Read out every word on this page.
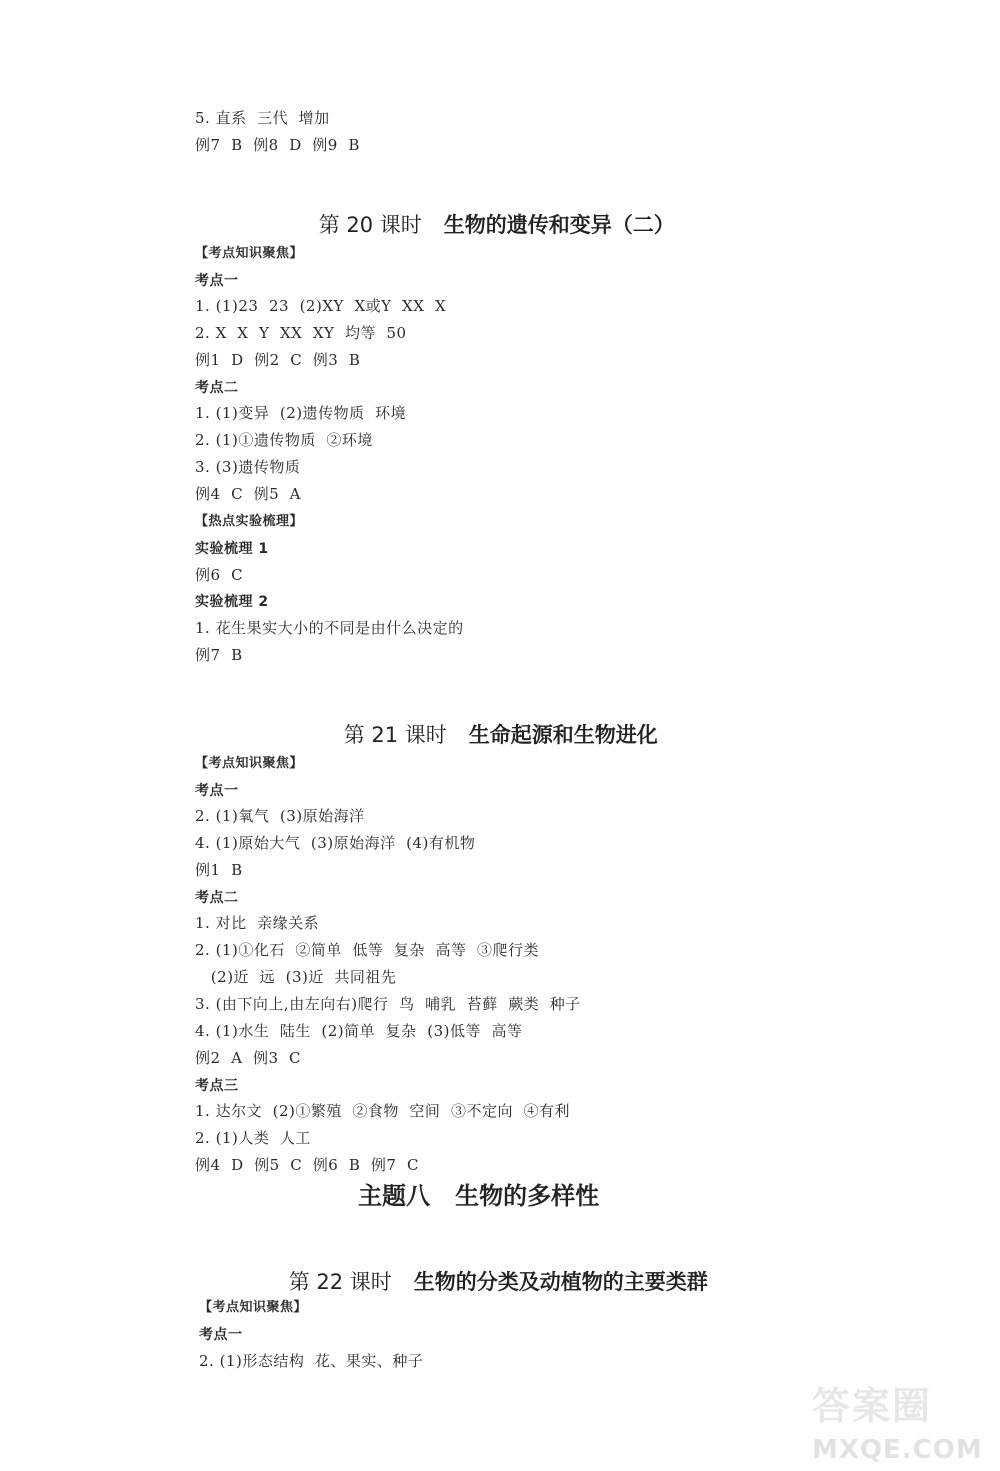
5. 直系  三代  增加
例7  B  例8  D  例9  B

第 20 课时 生物的遗传和变异（二）

【考点知识聚焦】
考点一
1. (1)23  23  (2)XY  X或Y  XX  X
2. X  X  Y  XX  XY  均等  50
例1  D  例2  C  例3  B
考点二
1. (1)变异  (2)遗传物质  环境
2. (1)①遗传物质  ②环境
3. (3)遗传物质
例4  C  例5  A
【热点实验梳理】
实验梳理 1
例6  C
实验梳理 2
1. 花生果实大小的不同是由什么决定的
例7  B

第 21 课时 生命起源和生物进化

【考点知识聚焦】
考点一
2. (1)氧气  (3)原始海洋
4. (1)原始大气  (3)原始海洋  (4)有机物
例1  B
考点二
1. 对比  亲缘关系
2. (1)①化石  ②简单  低等  复杂  高等  ③爬行类
(2)近  远  (3)近  共同祖先
3. (由下向上,由左向右)爬行  鸟  哺乳  苔藓  蕨类  种子
4. (1)水生  陆生  (2)简单  复杂  (3)低等  高等
例2  A  例3  C
考点三
1. 达尔文  (2)①繁殖  ②食物  空间  ③不定向  ④有利
2. (1)人类  人工
例4  D  例5  C  例6  B  例7  C
主题八   生物的多样性

第 22 课时 生物的分类及动植物的主要类群

【考点知识聚焦】
考点一
2. (1)形态结构  花、果实、种子
答案圈
MXQE.COM
